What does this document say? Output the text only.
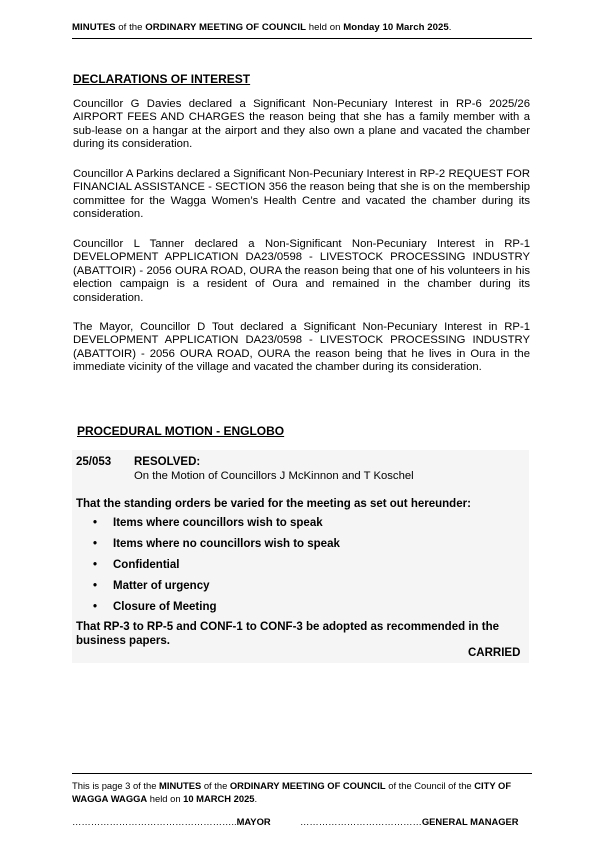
MINUTES of the ORDINARY MEETING OF COUNCIL held on Monday 10 March 2025.
DECLARATIONS OF INTEREST
Councillor G Davies declared a Significant Non-Pecuniary Interest in RP-6 2025/26 AIRPORT FEES AND CHARGES the reason being that she has a family member with a sub-lease on a hangar at the airport and they also own a plane and vacated the chamber during its consideration.
Councillor A Parkins declared a Significant Non-Pecuniary Interest in RP-2 REQUEST FOR FINANCIAL ASSISTANCE - SECTION 356 the reason being that she is on the membership committee for the Wagga Women’s Health Centre and vacated the chamber during its consideration.
Councillor L Tanner declared a Non-Significant Non-Pecuniary Interest in RP-1 DEVELOPMENT APPLICATION DA23/0598 - LIVESTOCK PROCESSING INDUSTRY (ABATTOIR) - 2056 OURA ROAD, OURA the reason being that one of his volunteers in his election campaign is a resident of Oura and remained in the chamber during its consideration.
The Mayor, Councillor D Tout declared a Significant Non-Pecuniary Interest in RP-1 DEVELOPMENT APPLICATION DA23/0598 - LIVESTOCK PROCESSING INDUSTRY (ABATTOIR) - 2056 OURA ROAD, OURA the reason being that he lives in Oura in the immediate vicinity of the village and vacated the chamber during its consideration.
PROCEDURAL MOTION - ENGLOBO
25/053 RESOLVED:
On the Motion of Councillors J McKinnon and T Koschel
That the standing orders be varied for the meeting as set out hereunder:
• Items where councillors wish to speak
• Items where no councillors wish to speak
• Confidential
• Matter of urgency
• Closure of Meeting
That RP-3 to RP-5 and CONF-1 to CONF-3 be adopted as recommended in the business papers.
CARRIED
This is page 3 of the MINUTES of the ORDINARY MEETING OF COUNCIL of the Council of the CITY OF WAGGA WAGGA held on 10 MARCH 2025.
……………………………………………..MAYOR	…………………………………GENERAL MANAGER
